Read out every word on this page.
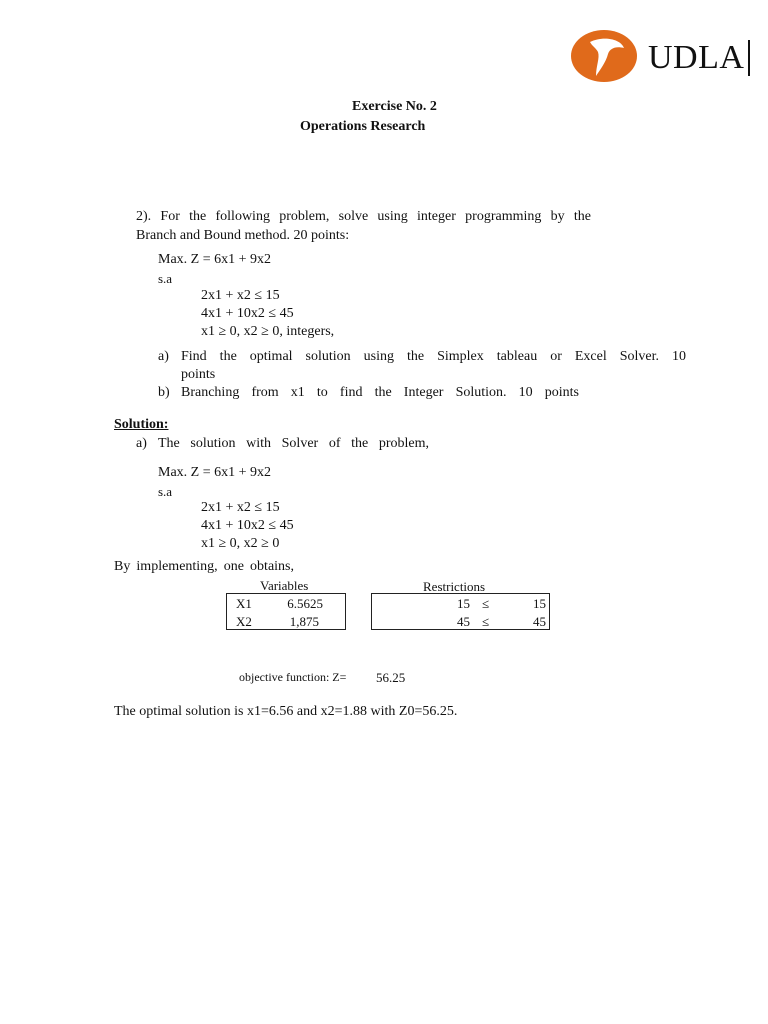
UDLA
Exercise No. 2
Operations Research
2). For the following problem, solve using integer programming by the
Branch and Bound method. 20 points:
Max. Z = 6x1 + 9x2
s.a
2x1 + x2 ≤ 15
4x1 + 10x2 ≤ 45
x1 ≥ 0, x2 ≥ 0, integers,
a) Find the optimal solution using the Simplex tableau or Excel Solver. 10
points
b) Branching from x1 to find the Integer Solution. 10 points
Solution:
a) The solution with Solver of the problem,
Max. Z = 6x1 + 9x2
s.a
2x1 + x2 ≤ 15
4x1 + 10x2 ≤ 45
x1 ≥ 0, x2 ≥ 0
By implementing, one obtains,
Variables
X1	6.5625
X2	1,875
Restrictions
15 ≤	15
45 ≤	45
objective function: Z= 56.25
The optimal solution is x1=6.56 and x2=1.88 with Z0=56.25.
